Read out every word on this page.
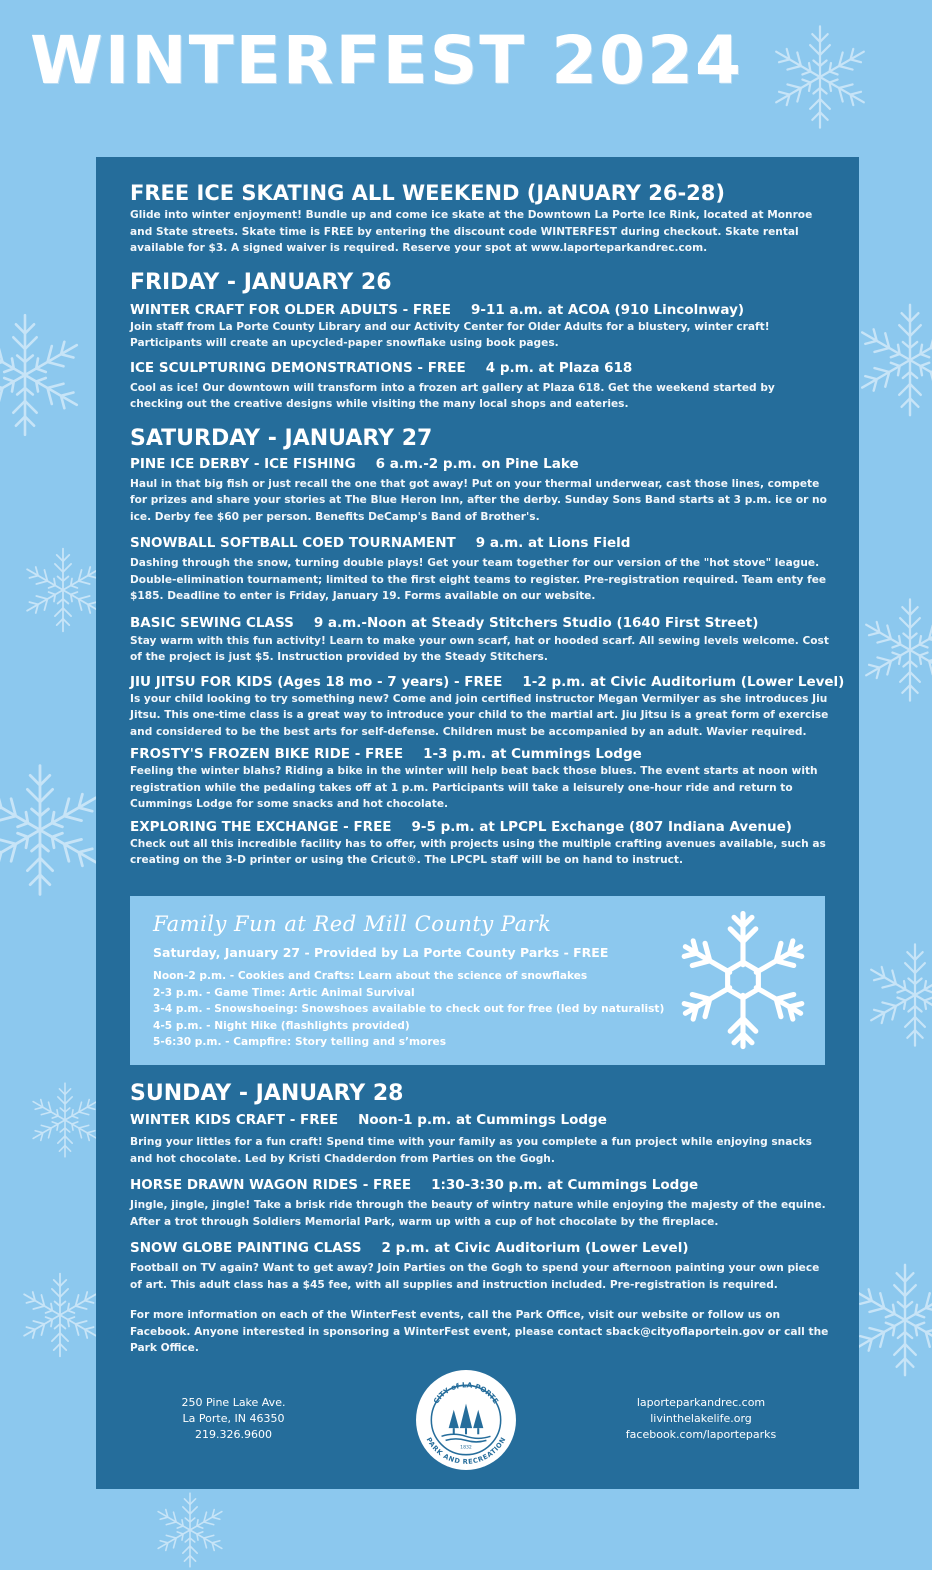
WINTERFEST 2024

FREE ICE SKATING ALL WEEKEND (JANUARY 26-28)

Glide into winter enjoyment! Bundle up and come ice skate at the Downtown La Porte Ice Rink, located at Monroe and State streets. Skate time is FREE by entering the discount code WINTERFEST during checkout. Skate rental available for $3. A signed waiver is required. Reserve your spot at www.laporteparkandrec.com.

FRIDAY - JANUARY 26

WINTER CRAFT FOR OLDER ADULTS - FREE 9-11 a.m. at ACOA (910 Lincolnway)

Join staff from La Porte County Library and our Activity Center for Older Adults for a blustery, winter craft! Participants will create an upcycled-paper snowflake using book pages.

ICE SCULPTURING DEMONSTRATIONS - FREE 4 p.m. at Plaza 618

Cool as ice! Our downtown will transform into a frozen art gallery at Plaza 618. Get the weekend started by checking out the creative designs while visiting the many local shops and eateries.

SATURDAY - JANUARY 27

PINE ICE DERBY - ICE FISHING 6 a.m.-2 p.m. on Pine Lake

Haul in that big fish or just recall the one that got away! Put on your thermal underwear, cast those lines, compete for prizes and share your stories at The Blue Heron Inn, after the derby. Sunday Sons Band starts at 3 p.m. ice or no ice. Derby fee $60 per person. Benefits DeCamp's Band of Brother's.

SNOWBALL SOFTBALL COED TOURNAMENT 9 a.m. at Lions Field

Dashing through the snow, turning double plays! Get your team together for our version of the "hot stove" league. Double-elimination tournament; limited to the first eight teams to register. Pre-registration required. Team enty fee $185. Deadline to enter is Friday, January 19. Forms available on our website.

BASIC SEWING CLASS 9 a.m.-Noon at Steady Stitchers Studio (1640 First Street)

Stay warm with this fun activity! Learn to make your own scarf, hat or hooded scarf. All sewing levels welcome. Cost of the project is just $5. Instruction provided by the Steady Stitchers.

JIU JITSU FOR KIDS (Ages 18 mo - 7 years) - FREE 1-2 p.m. at Civic Auditorium (Lower Level)

Is your child looking to try something new? Come and join certified instructor Megan Vermilyer as she introduces Jiu Jitsu. This one-time class is a great way to introduce your child to the martial art. Jiu Jitsu is a great form of exercise and considered to be the best arts for self-defense. Children must be accompanied by an adult. Wavier required.

FROSTY'S FROZEN BIKE RIDE - FREE 1-3 p.m. at Cummings Lodge

Feeling the winter blahs? Riding a bike in the winter will help beat back those blues. The event starts at noon with registration while the pedaling takes off at 1 p.m. Participants will take a leisurely one-hour ride and return to Cummings Lodge for some snacks and hot chocolate.

EXPLORING THE EXCHANGE - FREE 9-5 p.m. at LPCPL Exchange (807 Indiana Avenue)

Check out all this incredible facility has to offer, with projects using the multiple crafting avenues available, such as creating on the 3-D printer or using the Cricut®. The LPCPL staff will be on hand to instruct.

Family Fun at Red Mill County Park
Saturday, January 27 - Provided by La Porte County Parks - FREE
Noon-2 p.m. - Cookies and Crafts: Learn about the science of snowflakes
2-3 p.m. - Game Time: Artic Animal Survival
3-4 p.m. - Snowshoeing: Snowshoes available to check out for free (led by naturalist)
4-5 p.m. - Night Hike (flashlights provided)
5-6:30 p.m. - Campfire: Story telling and s’mores

SUNDAY - JANUARY 28

WINTER KIDS CRAFT - FREE Noon-1 p.m. at Cummings Lodge

Bring your littles for a fun craft! Spend time with your family as you complete a fun project while enjoying snacks and hot chocolate. Led by Kristi Chadderdon from Parties on the Gogh.

HORSE DRAWN WAGON RIDES - FREE 1:30-3:30 p.m. at Cummings Lodge

Jingle, jingle, jingle! Take a brisk ride through the beauty of wintry nature while enjoying the majesty of the equine. After a trot through Soldiers Memorial Park, warm up with a cup of hot chocolate by the fireplace.

SNOW GLOBE PAINTING CLASS 2 p.m. at Civic Auditorium (Lower Level)

Football on TV again? Want to get away? Join Parties on the Gogh to spend your afternoon painting your own piece of art. This adult class has a $45 fee, with all supplies and instruction included. Pre-registration is required.

For more information on each of the WinterFest events, call the Park Office, visit our website or follow us on Facebook. Anyone interested in sponsoring a WinterFest event, please contact sback@cityoflaportein.gov or call the Park Office.

250 Pine Lake Ave.
La Porte, IN 46350
219.326.9600
CITY of LA PORTE
PARK AND RECREATION
1832
laporteparkandrec.com
livinthelakelife.org
facebook.com/laporteparks
